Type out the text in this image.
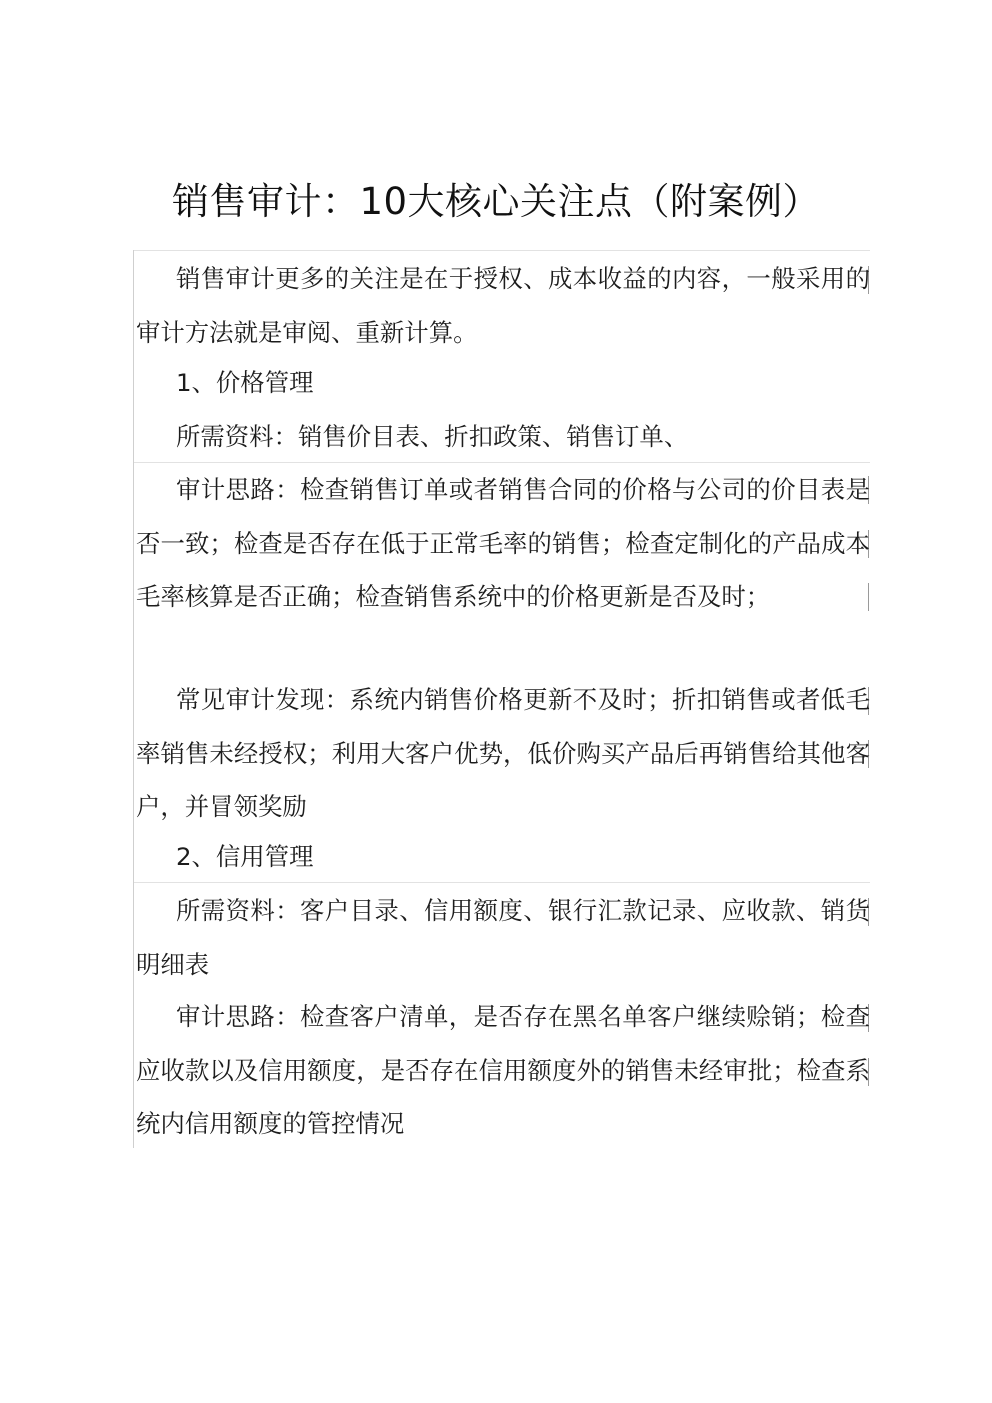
销售审计：10大核心关注点（附案例）

销售审计更多的关注是在于授权、成本收益的内容，一般采用的审计方法就是审阅、重新计算。

1、价格管理

所需资料：销售价目表、折扣政策、销售订单、

审计思路：检查销售订单或者销售合同的价格与公司的价目表是否一致；检查是否存在低于正常毛率的销售；检查定制化的产品成本毛率核算是否正确；检查销售系统中的价格更新是否及时；

常见审计发现：系统内销售价格更新不及时；折扣销售或者低毛率销售未经授权；利用大客户优势，低价购买产品后再销售给其他客户，并冒领奖励

2、信用管理

所需资料：客户目录、信用额度、银行汇款记录、应收款、销货明细表

审计思路：检查客户清单，是否存在黑名单客户继续赊销；检查应收款以及信用额度，是否存在信用额度外的销售未经审批；检查系统内信用额度的管控情况
